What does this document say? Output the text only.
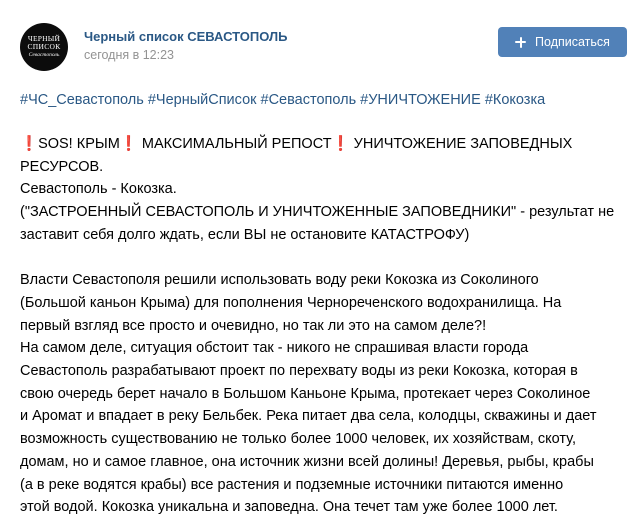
ЧЕРНЫЙ
СПИСОК
Севастополь
Черный список СЕВАСТОПОЛЬ
сегодня в 12:23
Подписаться
#ЧС_Севастополь #ЧерныйСписок #Севастополь #УНИЧТОЖЕНИЕ #Кокозка

❗SOS! КРЫМ❗ МАКСИМАЛЬНЫЙ РЕПОСТ❗ УНИЧТОЖЕНИЕ ЗАПОВЕДНЫХ

РЕСУРСОВ.

Севастополь - Кокозка.

("ЗАСТРОЕННЫЙ СЕВАСТОПОЛЬ И УНИЧТОЖЕННЫЕ ЗАПОВЕДНИКИ" - результат не

заставит себя долго ждать, если ВЫ не остановите КАТАСТРОФУ)

Власти Севастополя решили использовать воду реки Кокозка из Соколиного

(Большой каньон Крыма) для пополнения Чернореченского водохранилища. На

первый взгляд все просто и очевидно, но так ли это на самом деле?!

На самом деле, ситуация обстоит так - никого не спрашивая власти города

Севастополь разрабатывают проект по перехвату воды из реки Кокозка, которая в

свою очередь берет начало в Большом Каньоне Крыма, протекает через Соколиное

и Аромат и впадает в реку Бельбек. Река питает два села, колодцы, скважины и дает

возможность существованию не только более 1000 человек, их хозяйствам, скоту,

домам, но и самое главное, она источник жизни всей долины! Деревья, рыбы, крабы

(а в реке водятся крабы) все растения и подземные источники питаются именно

этой водой. Кокозка уникальна и заповедна. Она течет там уже более 1000 лет.
